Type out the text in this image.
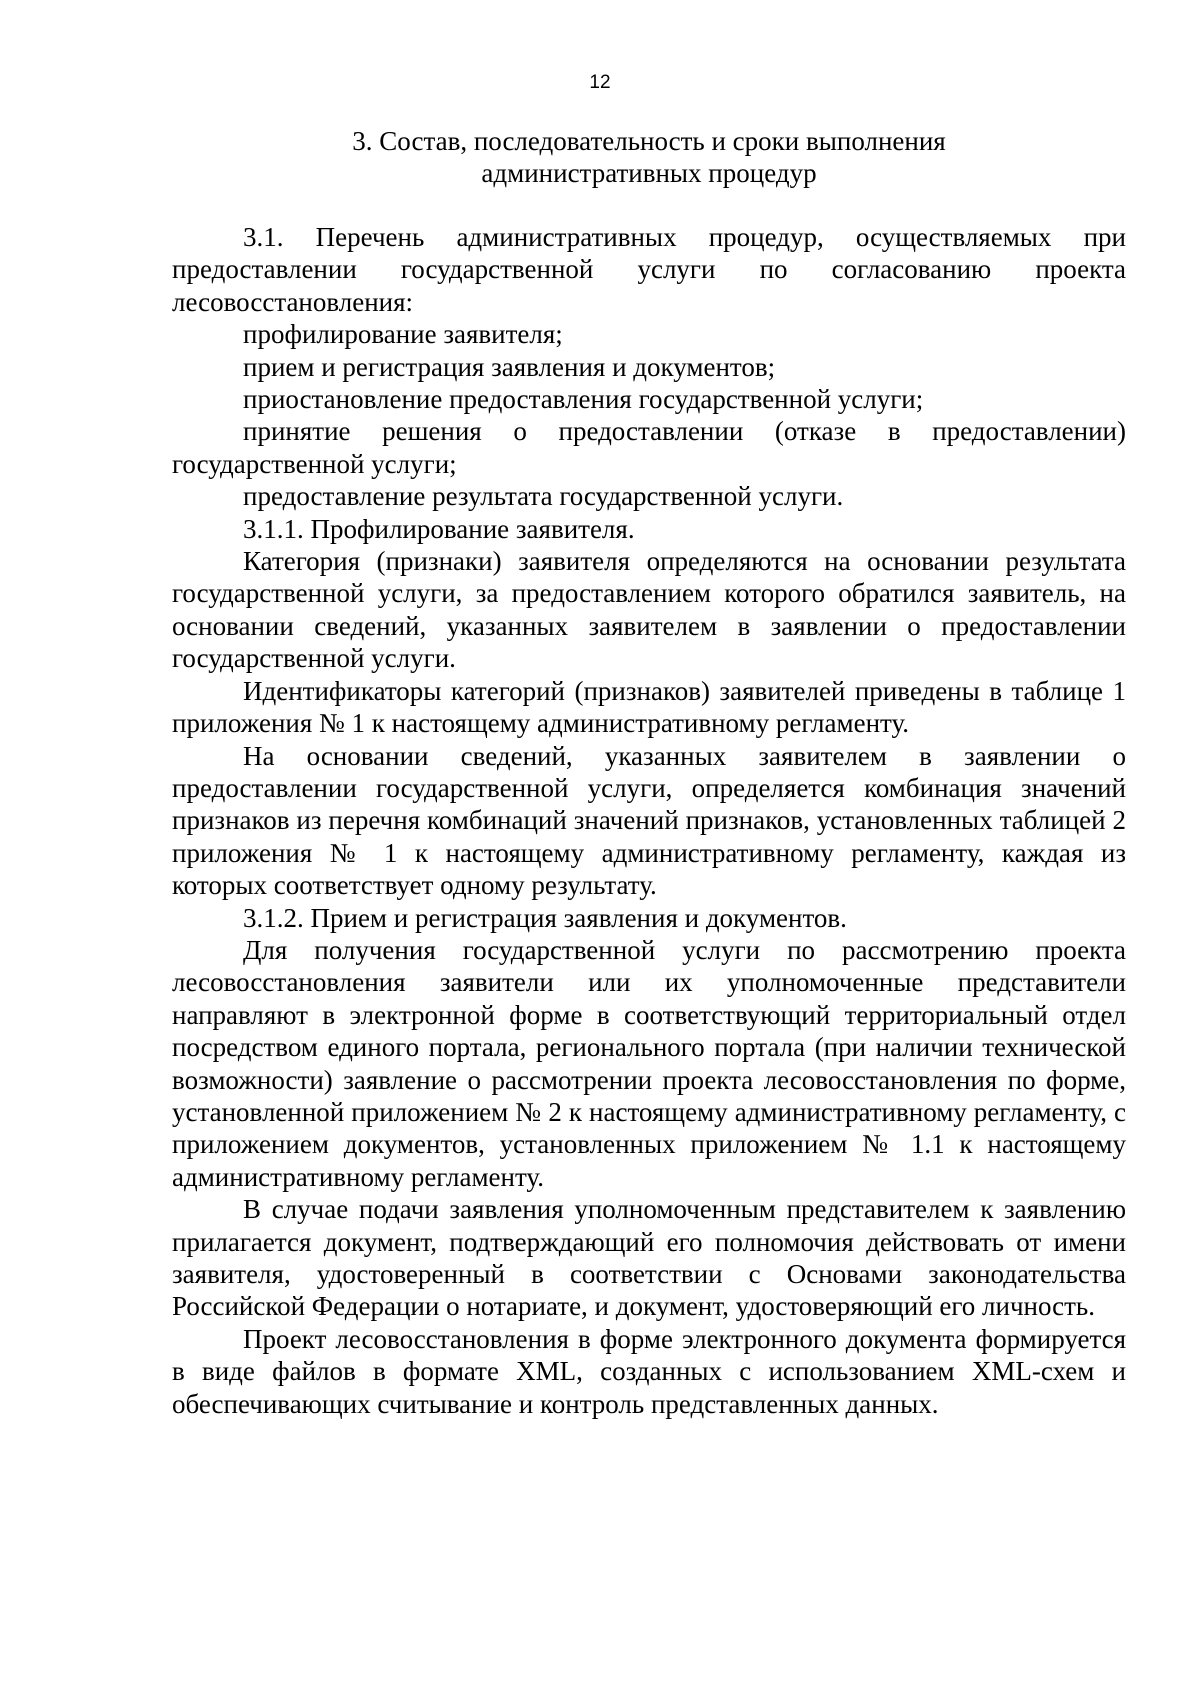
12
3. Состав, последовательность и сроки выполнения
административных процедур

3.1. Перечень административных процедур, осуществляемых при предоставлении государственной услуги по согласованию проекта лесовосстановления:

профилирование заявителя;

прием и регистрация заявления и документов;

приостановление предоставления государственной услуги;

принятие решения о предоставлении (отказе в предоставлении) государственной услуги;

предоставление результата государственной услуги.

3.1.1. Профилирование заявителя.

Категория (признаки) заявителя определяются на основании результата государственной услуги, за предоставлением которого обратился заявитель, на основании сведений, указанных заявителем в заявлении о предоставлении государственной услуги.

Идентификаторы категорий (признаков) заявителей приведены в таблице 1 приложения № 1 к настоящему административному регламенту.

На основании сведений, указанных заявителем в заявлении о предоставлении государственной услуги, определяется комбинация значений признаков из перечня комбинаций значений признаков, установленных таблицей 2 приложения № 1 к настоящему административному регламенту, каждая из которых соответствует одному результату.

3.1.2. Прием и регистрация заявления и документов.

Для получения государственной услуги по рассмотрению проекта лесовосстановления заявители или их уполномоченные представители направляют в электронной форме в соответствующий территориальный отдел посредством единого портала, регионального портала (при наличии технической возможности) заявление о рассмотрении проекта лесовосстановления по форме, установленной приложением № 2 к настоящему административному регламенту, с приложением документов, установленных приложением № 1.1 к настоящему административному регламенту.

В случае подачи заявления уполномоченным представителем к заявлению прилагается документ, подтверждающий его полномочия действовать от имени заявителя, удостоверенный в соответствии с Основами законодательства Российской Федерации о нотариате, и документ, удостоверяющий его личность.

Проект лесовосстановления в форме электронного документа формируется в виде файлов в формате XML, созданных с использованием XML-схем и обеспечивающих считывание и контроль представленных данных.
